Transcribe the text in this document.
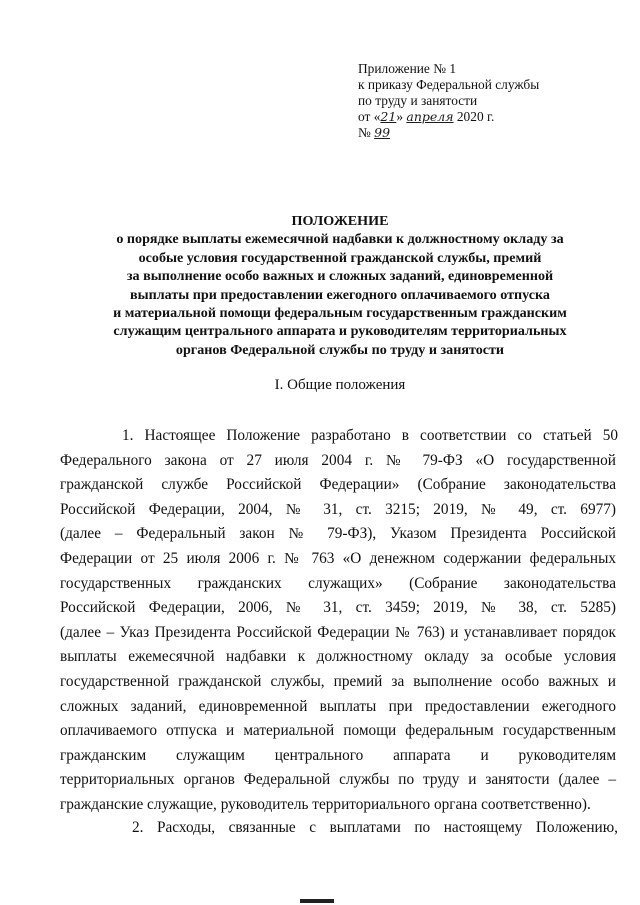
Приложение № 1
к приказу Федеральной службы
по труду и занятости
от «21» апреля 2020 г.
№ 99
ПОЛОЖЕНИЕ
о порядке выплаты ежемесячной надбавки к должностному окладу за
особые условия государственной гражданской службы, премий
за выполнение особо важных и сложных заданий, единовременной
выплаты при предоставлении ежегодного оплачиваемого отпуска
и материальной помощи федеральным государственным гражданским
служащим центрального аппарата и руководителям территориальных
органов Федеральной службы по труду и занятости
I. Общие положения
1. Настоящее Положение разработано в соответствии со статьей 50
Федерального закона от 27 июля 2004 г. № 79-ФЗ «О государственной
гражданской службе Российской Федерации» (Собрание законодательства
Российской Федерации, 2004, № 31, ст. 3215; 2019, № 49, ст. 6977)
(далее – Федеральный закон № 79-ФЗ), Указом Президента Российской
Федерации от 25 июля 2006 г. № 763 «О денежном содержании федеральных
государственных гражданских служащих» (Собрание законодательства
Российской Федерации, 2006, № 31, ст. 3459; 2019, № 38, ст. 5285)
(далее – Указ Президента Российской Федерации № 763) и устанавливает порядок
выплаты ежемесячной надбавки к должностному окладу за особые условия
государственной гражданской службы, премий за выполнение особо важных и
сложных заданий, единовременной выплаты при предоставлении ежегодного
оплачиваемого отпуска и материальной помощи федеральным государственным
гражданским служащим центрального аппарата и руководителям
территориальных органов Федеральной службы по труду и занятости (далее –
гражданские служащие, руководитель территориального органа соответственно).
2. Расходы, связанные с выплатами по настоящему Положению,
